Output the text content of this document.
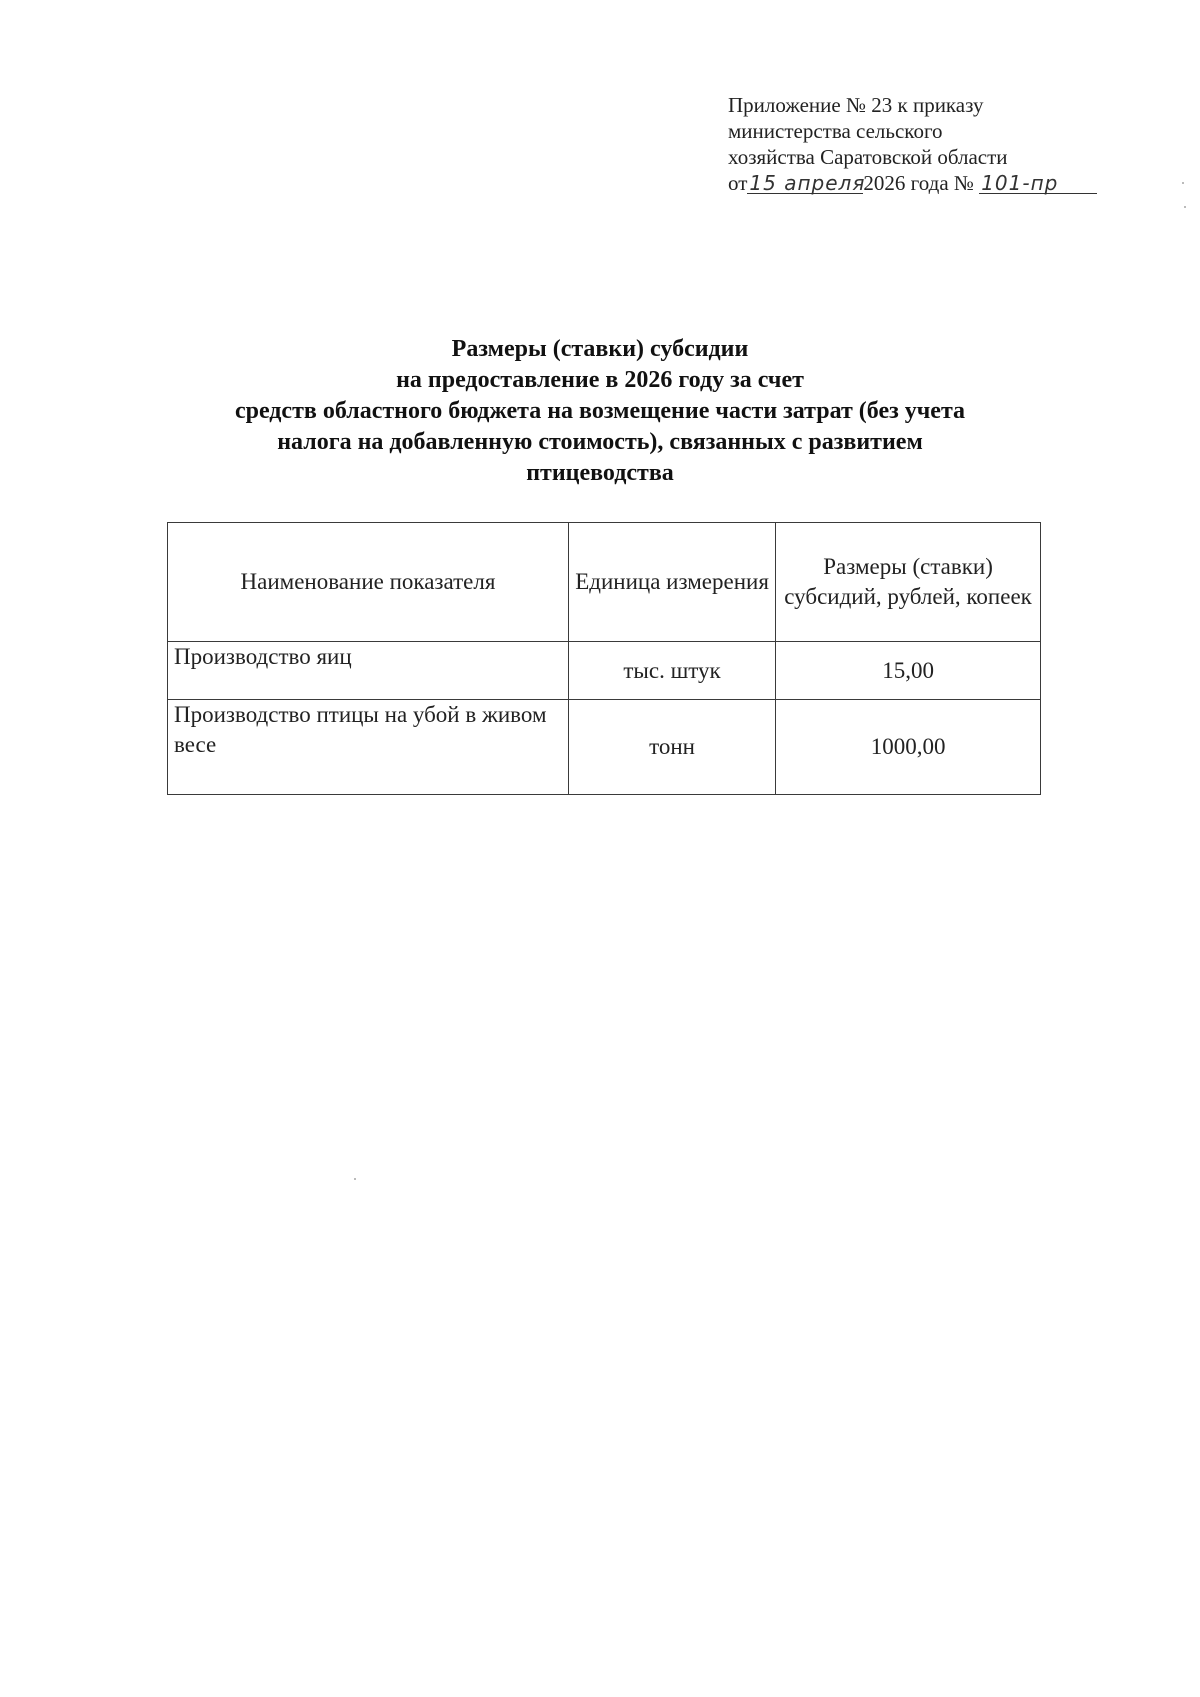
Приложение № 23 к приказу
министерства сельского
хозяйства Саратовской области
от 15 апреля2026 года № 101-пр
Размеры (ставки) субсидии
на предоставление в 2026 году за счет
средств областного бюджета на возмещение части затрат (без учета
налога на добавленную стоимость), связанных с развитием
птицеводства
Наименование показателя	Единица измерения	Размеры (ставки) субсидий, рублей, копеек
Производство яиц	тыс. штук	15,00
Производство птицы на убой в живом весе	тонн	1000,00
